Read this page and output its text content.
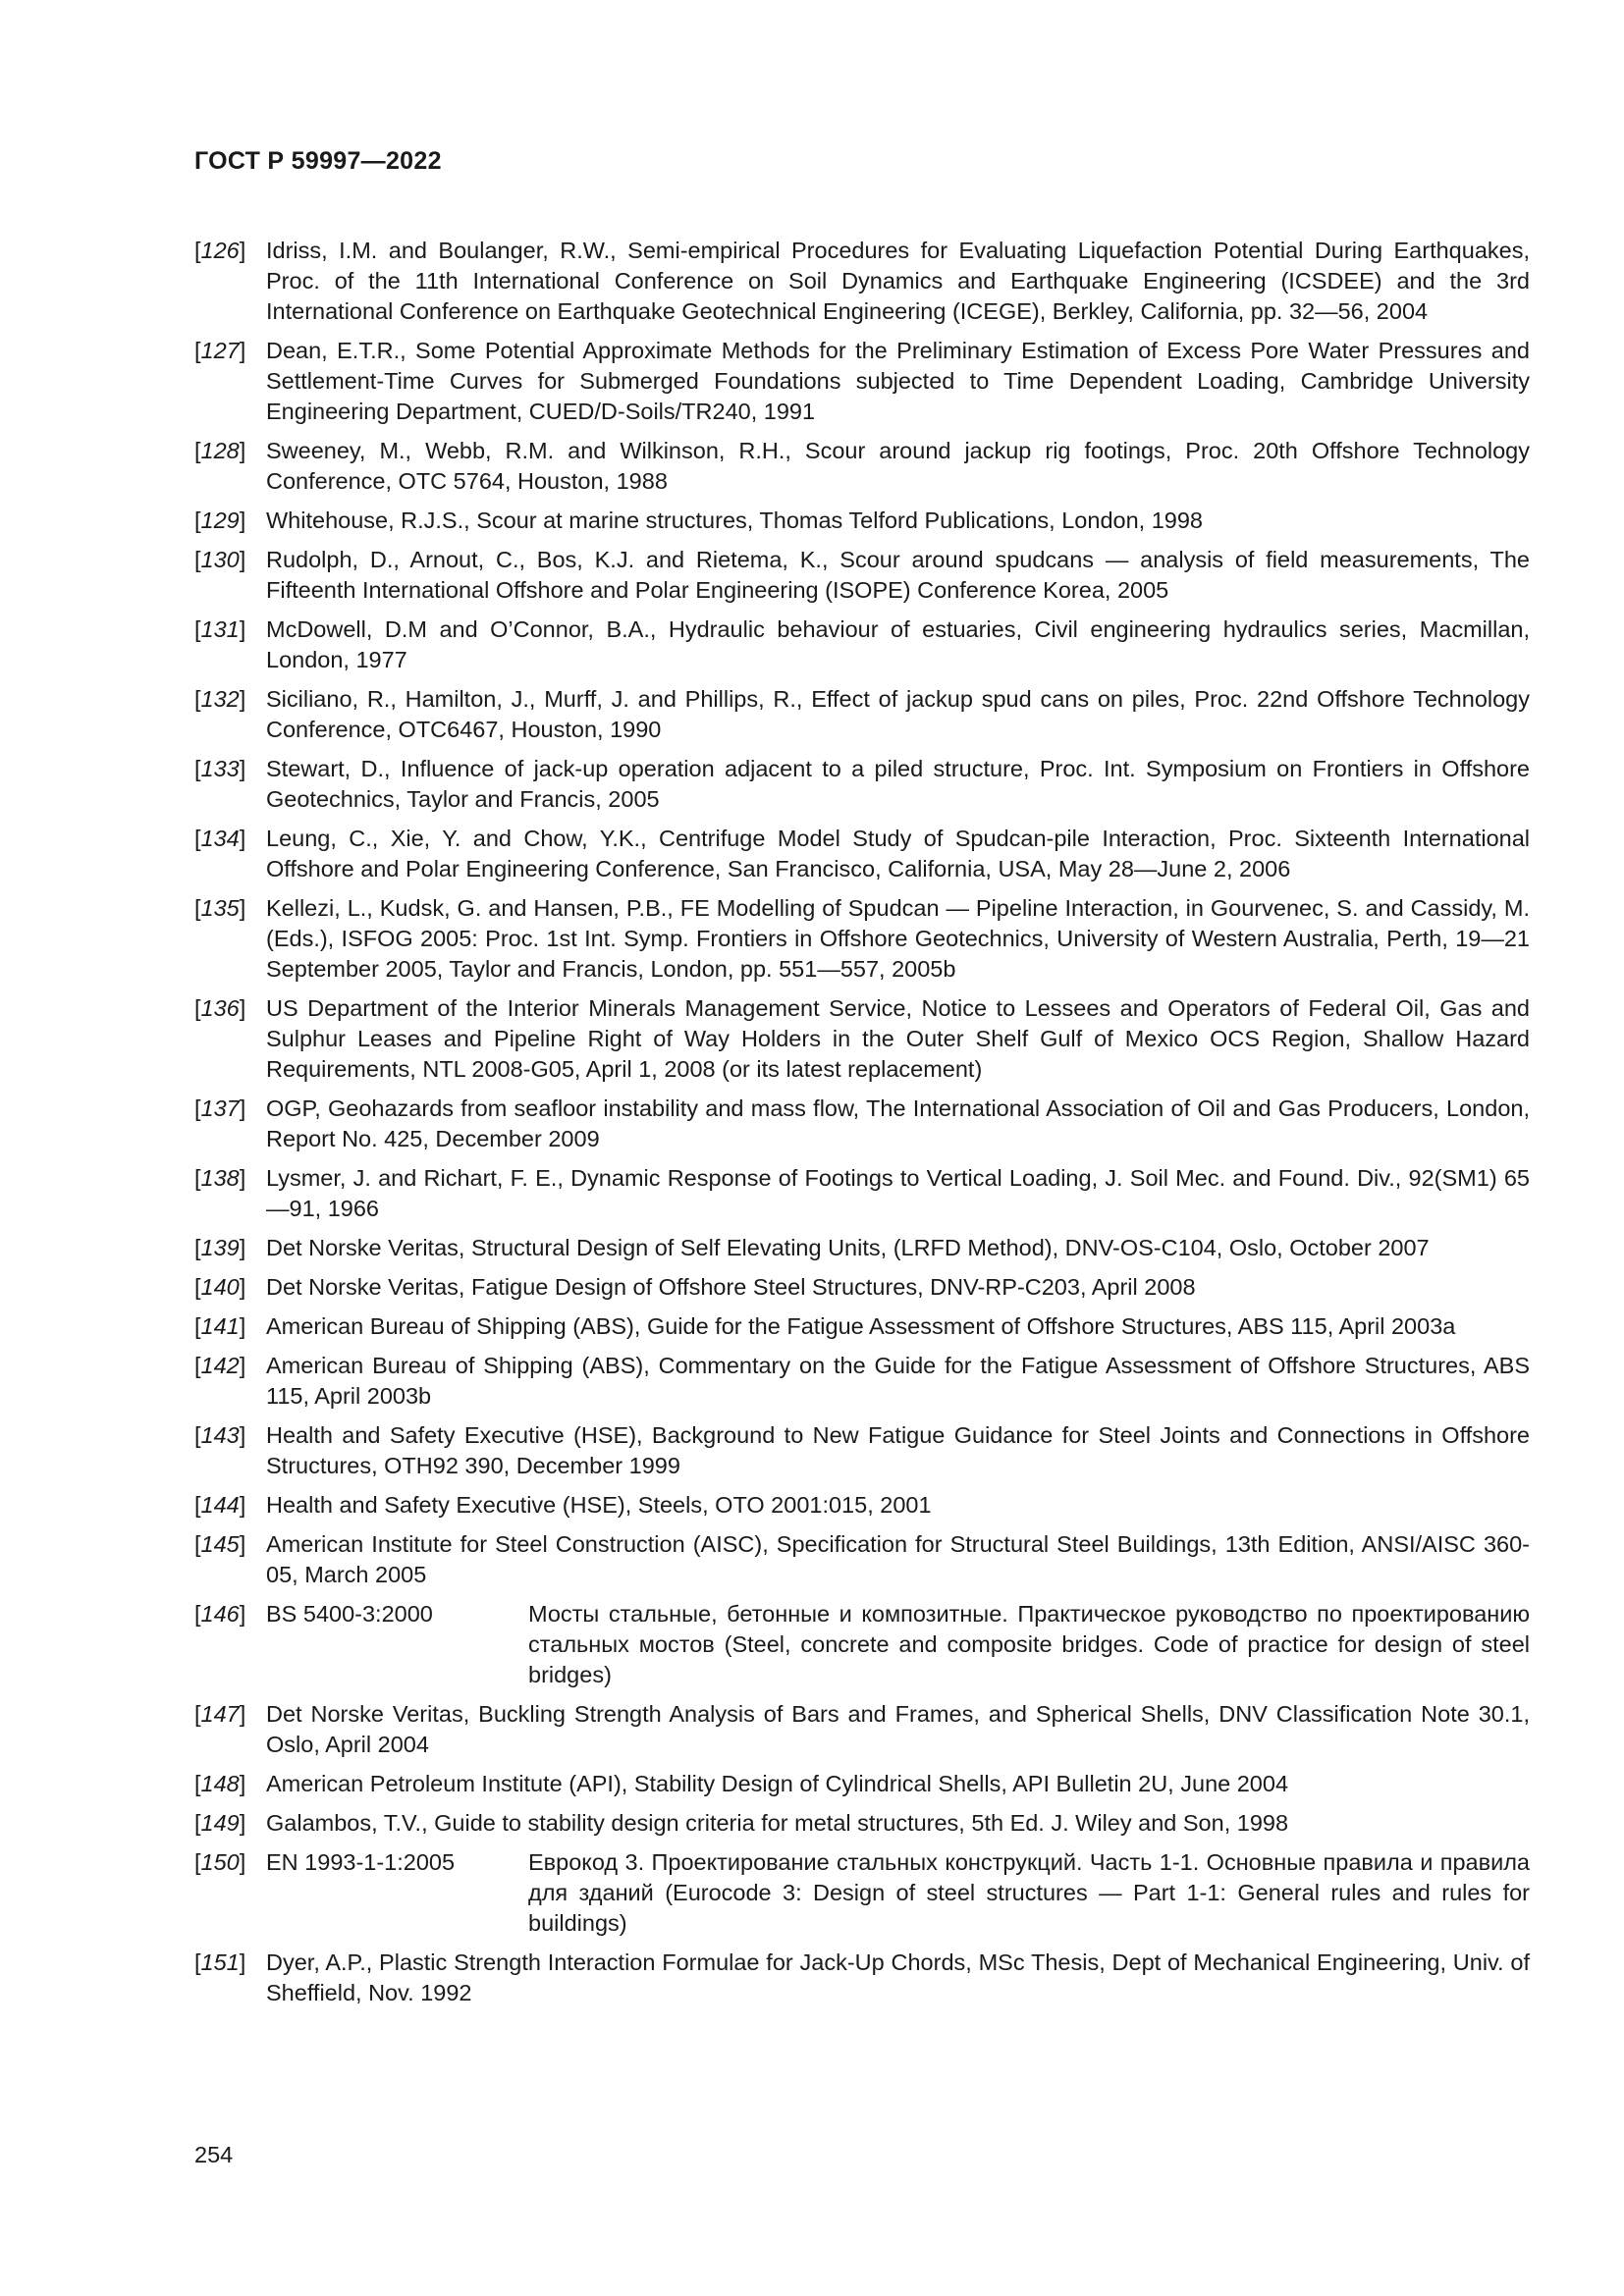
ГОСТ Р 59997—2022
[126] Idriss, I.M. and Boulanger, R.W., Semi-empirical Procedures for Evaluating Liquefaction Potential During Earthquakes, Proc. of the 11th International Conference on Soil Dynamics and Earthquake Engineering (ICSDEE) and the 3rd International Conference on Earthquake Geotechnical Engineering (ICEGE), Berkley, California, pp. 32—56, 2004
[127] Dean, E.T.R., Some Potential Approximate Methods for the Preliminary Estimation of Excess Pore Water Pressures and Settlement-Time Curves for Submerged Foundations subjected to Time Dependent Loading, Cambridge University Engineering Department, CUED/D-Soils/TR240, 1991
[128] Sweeney, M., Webb, R.M. and Wilkinson, R.H., Scour around jackup rig footings, Proc. 20th Offshore Technology Conference, OTC 5764, Houston, 1988
[129] Whitehouse, R.J.S., Scour at marine structures, Thomas Telford Publications, London, 1998
[130] Rudolph, D., Arnout, C., Bos, K.J. and Rietema, K., Scour around spudcans — analysis of field measurements, The Fifteenth International Offshore and Polar Engineering (ISOPE) Conference Korea, 2005
[131] McDowell, D.M and O’Connor, B.A., Hydraulic behaviour of estuaries, Civil engineering hydraulics series, Macmillan, London, 1977
[132] Siciliano, R., Hamilton, J., Murff, J. and Phillips, R., Effect of jackup spud cans on piles, Proc. 22nd Offshore Technology Conference, OTC6467, Houston, 1990
[133] Stewart, D., Influence of jack-up operation adjacent to a piled structure, Proc. Int. Symposium on Frontiers in Offshore Geotechnics, Taylor and Francis, 2005
[134] Leung, C., Xie, Y. and Chow, Y.K., Centrifuge Model Study of Spudcan-pile Interaction, Proc. Sixteenth International Offshore and Polar Engineering Conference, San Francisco, California, USA, May 28—June 2, 2006
[135] Kellezi, L., Kudsk, G. and Hansen, P.B., FE Modelling of Spudcan — Pipeline Interaction, in Gourvenec, S. and Cassidy, M. (Eds.), ISFOG 2005: Proc. 1st Int. Symp. Frontiers in Offshore Geotechnics, University of Western Australia, Perth, 19—21 September 2005, Taylor and Francis, London, pp. 551—557, 2005b
[136] US Department of the Interior Minerals Management Service, Notice to Lessees and Operators of Federal Oil, Gas and Sulphur Leases and Pipeline Right of Way Holders in the Outer Shelf Gulf of Mexico OCS Region, Shallow Hazard Requirements, NTL 2008-G05, April 1, 2008 (or its latest replacement)
[137] OGP, Geohazards from seafloor instability and mass flow, The International Association of Oil and Gas Producers, London, Report No. 425, December 2009
[138] Lysmer, J. and Richart, F. E., Dynamic Response of Footings to Vertical Loading, J. Soil Mec. and Found. Div., 92(SM1) 65—91, 1966
[139] Det Norske Veritas, Structural Design of Self Elevating Units, (LRFD Method), DNV-OS-C104, Oslo, October 2007
[140] Det Norske Veritas, Fatigue Design of Offshore Steel Structures, DNV-RP-C203, April 2008
[141] American Bureau of Shipping (ABS), Guide for the Fatigue Assessment of Offshore Structures, ABS 115, April 2003a
[142] American Bureau of Shipping (ABS), Commentary on the Guide for the Fatigue Assessment of Offshore Structures, ABS 115, April 2003b
[143] Health and Safety Executive (HSE), Background to New Fatigue Guidance for Steel Joints and Connections in Offshore Structures, OTH92 390, December 1999
[144] Health and Safety Executive (HSE), Steels, OTO 2001:015, 2001
[145] American Institute for Steel Construction (AISC), Specification for Structural Steel Buildings, 13th Edition, ANSI/AISC 360-05, March 2005
[146] BS 5400-3:2000	Мосты стальные, бетонные и композитные. Практическое руководство по проектированию стальных мостов (Steel, concrete and composite bridges. Code of practice for design of steel bridges)
[147] Det Norske Veritas, Buckling Strength Analysis of Bars and Frames, and Spherical Shells, DNV Classification Note 30.1, Oslo, April 2004
[148] American Petroleum Institute (API), Stability Design of Cylindrical Shells, API Bulletin 2U, June 2004
[149] Galambos, T.V., Guide to stability design criteria for metal structures, 5th Ed. J. Wiley and Son, 1998
[150] EN 1993-1-1:2005	Еврокод 3. Проектирование стальных конструкций. Часть 1-1. Основные правила и правила для зданий (Eurocode 3: Design of steel structures — Part 1-1: General rules and rules for buildings)
[151] Dyer, A.P., Plastic Strength Interaction Formulae for Jack-Up Chords, MSc Thesis, Dept of Mechanical Engineering, Univ. of Sheffield, Nov. 1992
254
